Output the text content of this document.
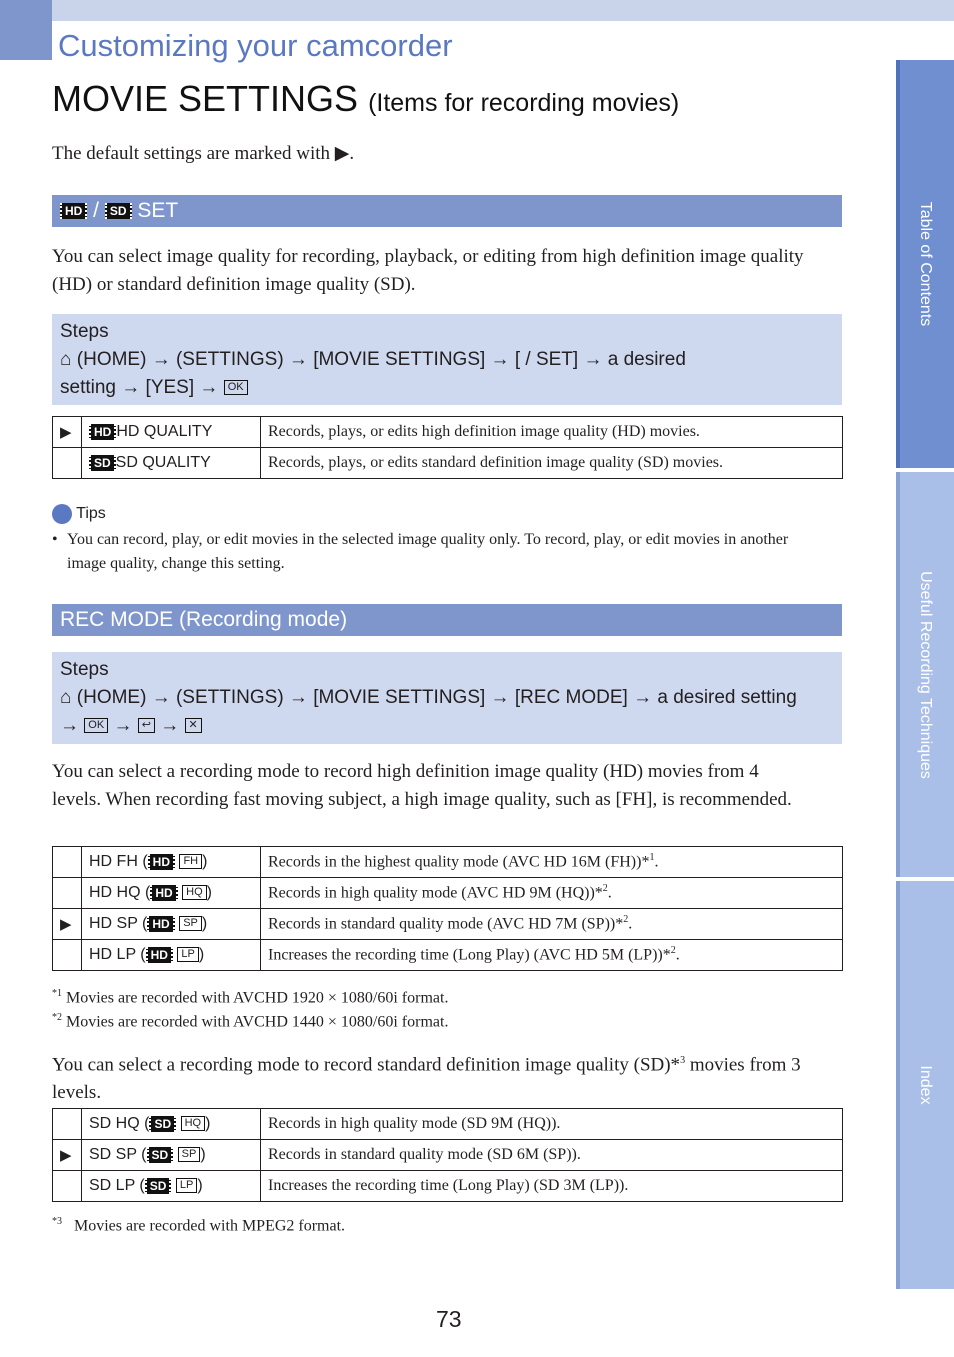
Customizing your camcorder
MOVIE SETTINGS (Items for recording movies)
The default settings are marked with ▶.
HD / SD SET
You can select image quality for recording, playback, or editing from high definition image quality (HD) or standard definition image quality (SD).
Steps
⌂ (HOME) → (SETTINGS) → [MOVIE SETTINGS] → [ / SET] → a desired
setting → [YES] → OK
▶	HD HD QUALITY	Records, plays, or edits high definition image quality (HD) movies.
	SD SD QUALITY	Records, plays, or edits standard definition image quality (SD) movies.
Tips
• You can record, play, or edit movies in the selected image quality only. To record, play, or edit movies in another image quality, change this setting.
REC MODE (Recording mode)
Steps
⌂ (HOME) → (SETTINGS) → [MOVIE SETTINGS] → [REC MODE] → a desired setting
→ OK → ↩ → ✕
You can select a recording mode to record high definition image quality (HD) movies from 4 levels. When recording fast moving subject, a high image quality, such as [FH], is recommended.
	HD FH ( HD FH )	Records in the highest quality mode (AVC HD 16M (FH))*$^1$.
	HD HQ ( HD HQ )	Records in high quality mode (AVC HD 9M (HQ))*$^2$.
▶	HD SP ( HD SP )	Records in standard quality mode (AVC HD 7M (SP))*$^2$.
	HD LP ( HD LP )	Increases the recording time (Long Play) (AVC HD 5M (LP))*$^2$.
$^{*1}$ Movies are recorded with AVCHD 1920 × 1080/60i format.
$^{*2}$ Movies are recorded with AVCHD 1440 × 1080/60i format.
You can select a recording mode to record standard definition image quality (SD)*$^3$ movies from 3 levels.
	SD HQ ( SD HQ )	Records in high quality mode (SD 9M (HQ)).
▶	SD SP ( SD SP )	Records in standard quality mode (SD 6M (SP)).
	SD LP ( SD LP )	Increases the recording time (Long Play) (SD 3M (LP)).
$^{*3}$ Movies are recorded with MPEG2 format.
Table of Contents
Useful Recording Techniques
Index
73
